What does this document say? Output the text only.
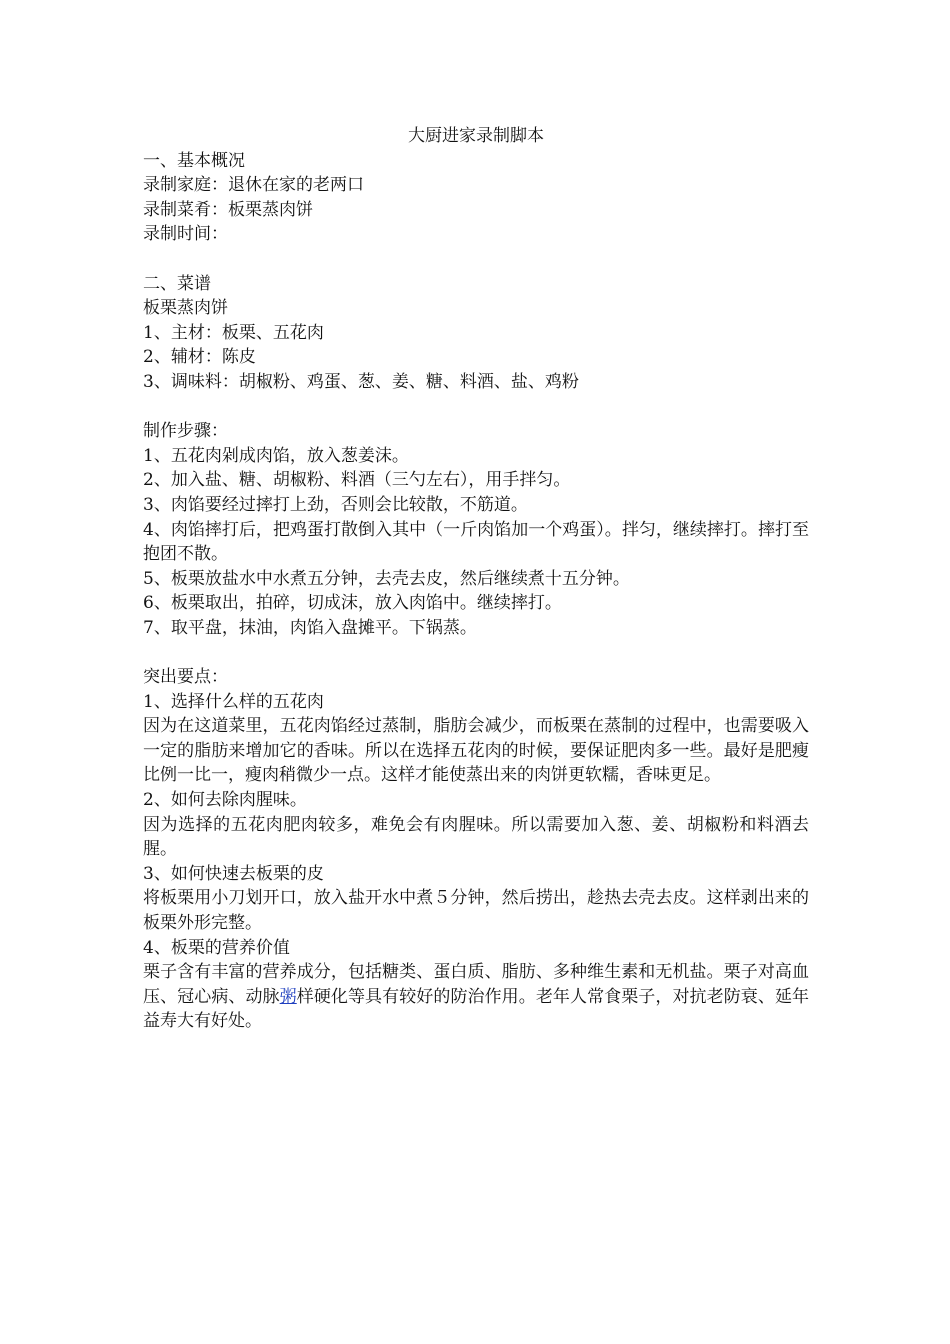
大厨进家录制脚本

一、基本概况

录制家庭：退休在家的老两口

录制菜肴：板栗蒸肉饼

录制时间：

二、菜谱

板栗蒸肉饼

1、主材：板栗、五花肉

2、辅材：陈皮

3、调味料：胡椒粉、鸡蛋、葱、姜、糖、料酒、盐、鸡粉

制作步骤：

1、五花肉剁成肉馅，放入葱姜沫。

2、加入盐、糖、胡椒粉、料酒（三勺左右），用手拌匀。

3、肉馅要经过摔打上劲，否则会比较散，不筋道。

4、肉馅摔打后，把鸡蛋打散倒入其中（一斤肉馅加一个鸡蛋）。拌匀，继续摔打。摔打至抱团不散。

5、板栗放盐水中水煮五分钟，去壳去皮，然后继续煮十五分钟。

6、板栗取出，拍碎，切成沫，放入肉馅中。继续摔打。

7、取平盘，抹油，肉馅入盘摊平。下锅蒸。

突出要点：

1、选择什么样的五花肉

因为在这道菜里，五花肉馅经过蒸制，脂肪会减少，而板栗在蒸制的过程中，也需要吸入一定的脂肪来增加它的香味。所以在选择五花肉的时候，要保证肥肉多一些。最好是肥瘦比例一比一，瘦肉稍微少一点。这样才能使蒸出来的肉饼更软糯，香味更足。

2、如何去除肉腥味。

因为选择的五花肉肥肉较多，难免会有肉腥味。所以需要加入葱、姜、胡椒粉和料酒去腥。

3、如何快速去板栗的皮

将板栗用小刀划开口，放入盐开水中煮５分钟，然后捞出，趁热去壳去皮。这样剥出来的板栗外形完整。

4、板栗的营养价值

栗子含有丰富的营养成分，包括糖类、蛋白质、脂肪、多种维生素和无机盐。栗子对高血压、冠心病、动脉粥样硬化等具有较好的防治作用。老年人常食栗子，对抗老防衰、延年益寿大有好处。
